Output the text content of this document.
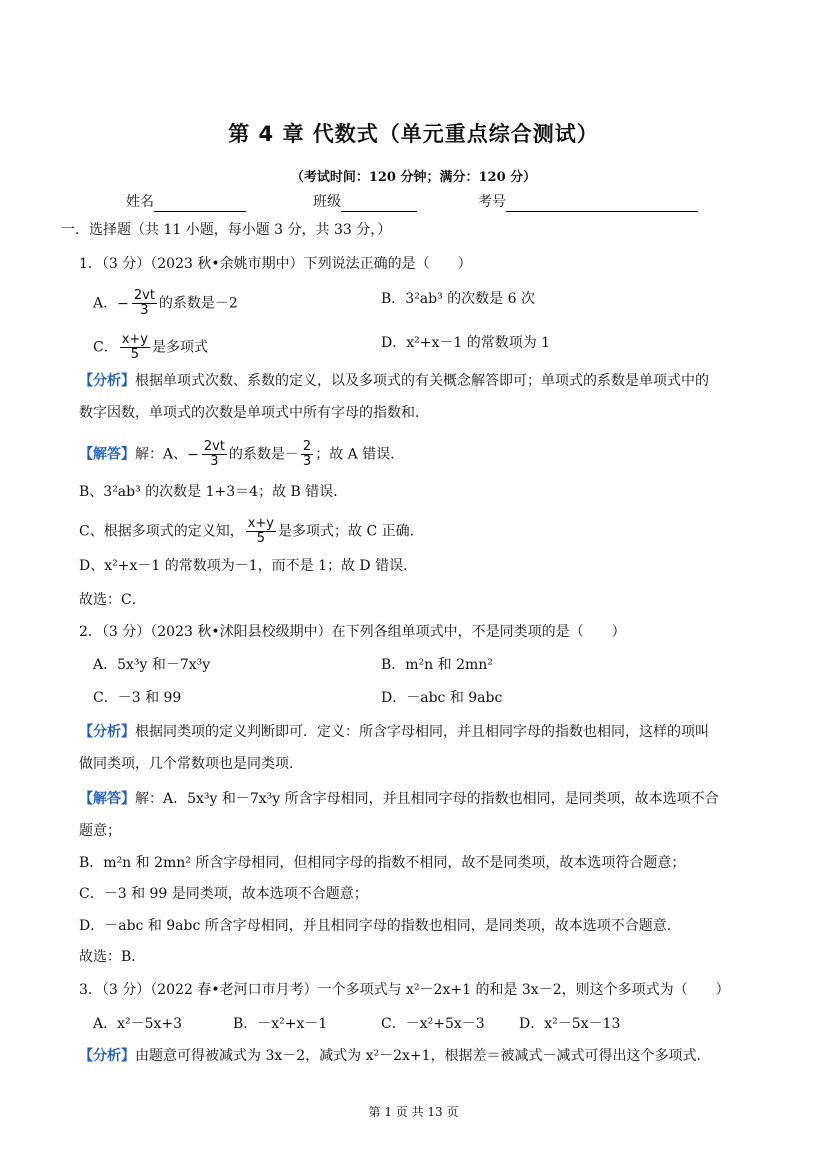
第 4 章 代数式（单元重点综合测试）
（考试时间：120 分钟；满分：120 分）
姓名	班级	考号
一．选择题（共 11 小题，每小题 3 分，共 33 分，）
1．（3 分）（2023 秋•余姚市期中）下列说法正确的是（　　）
A．− $\frac{2vt}{3}$ 的系数是－2	B．3²ab³ 的次数是 6 次
C． $\frac{x+y}{5}$ 是多项式	D．x²+x－1 的常数项为 1
【分析】根据单项式次数、系数的定义，以及多项式的有关概念解答即可；单项式的系数是单项式中的
数字因数，单项式的次数是单项式中所有字母的指数和．
【解答】解：A、− $\frac{2vt}{3}$ 的系数是－ $\frac{2}{3}$ ；故 A 错误．
B、3²ab³ 的次数是 1+3＝4；故 B 错误．
C、根据多项式的定义知， $\frac{x+y}{5}$ 是多项式；故 C 正确．
D、x²+x－1 的常数项为－1，而不是 1；故 D 错误．
故选：C．
2．（3 分）（2023 秋•沭阳县校级期中）在下列各组单项式中，不是同类项的是（　　）
A．5x³y 和－7x³y	B．m²n 和 2mn²
C．－3 和 99	D．－abc 和 9abc
【分析】根据同类项的定义判断即可．定义：所含字母相同，并且相同字母的指数也相同，这样的项叫
做同类项，几个常数项也是同类项．
【解答】解：A．5x³y 和－7x³y 所含字母相同，并且相同字母的指数也相同，是同类项，故本选项不合
题意；
B．m²n 和 2mn² 所含字母相同，但相同字母的指数不相同，故不是同类项，故本选项符合题意；
C．－3 和 99 是同类项，故本选项不合题意；
D．－abc 和 9abc 所含字母相同，并且相同字母的指数也相同，是同类项，故本选项不合题意．
故选：B．
3．（3 分）（2022 春•老河口市月考）一个多项式与 x²－2x+1 的和是 3x－2，则这个多项式为（　　）
A．x²－5x+3	B．－x²+x－1	C．－x²+5x－3 D．x²－5x－13
【分析】由题意可得被减式为 3x－2，减式为 x²－2x+1，根据差＝被减式－减式可得出这个多项式．
第 1 页 共 13 页
